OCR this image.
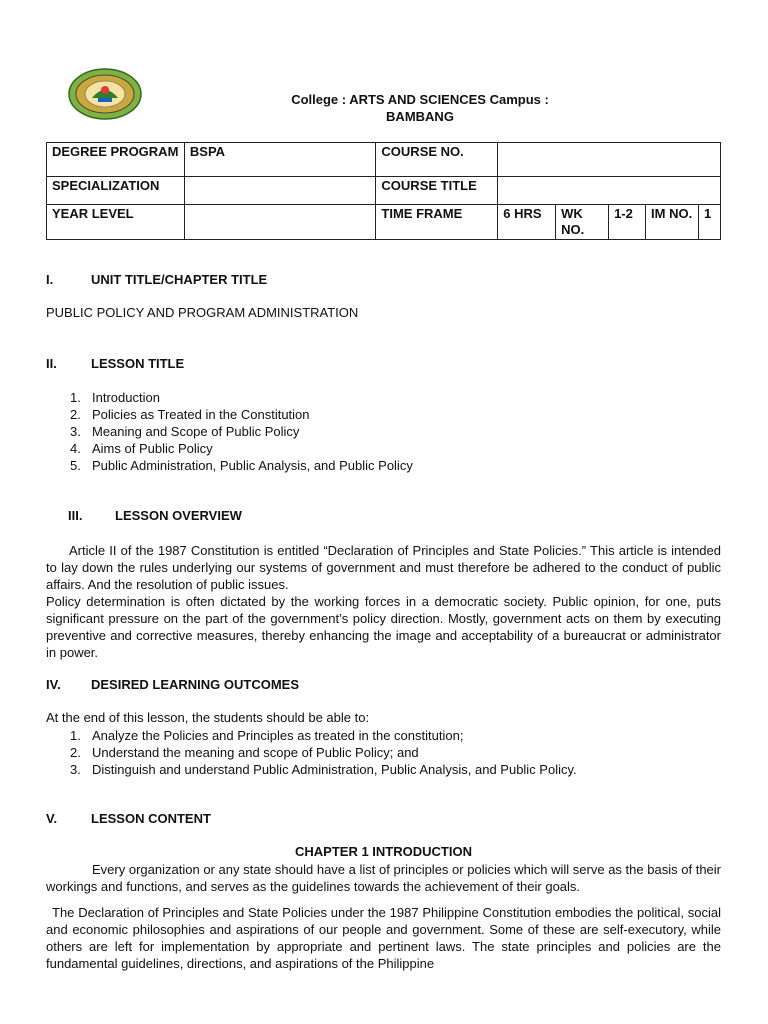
College : ARTS AND SCIENCES Campus :
BAMBANG
DEGREE PROGRAM	BSPA	COURSE NO.					
SPECIALIZATION		COURSE TITLE					
YEAR LEVEL		TIME FRAME	6 HRS	WK NO.	1-2	IM NO.	1
I.	UNIT TITLE/CHAPTER TITLE
PUBLIC POLICY AND PROGRAM ADMINISTRATION
II.	LESSON TITLE
1. Introduction
2. Policies as Treated in the Constitution
3. Meaning and Scope of Public Policy
4. Aims of Public Policy
5. Public Administration, Public Analysis, and Public Policy
III.	LESSON OVERVIEW
Article II of the 1987 Constitution is entitled “Declaration of Principles and State Policies.” This article is intended to lay down the rules underlying our systems of government and must therefore be adhered to the conduct of public affairs. And the resolution of public issues.
Policy determination is often dictated by the working forces in a democratic society. Public opinion, for one, puts significant pressure on the part of the government’s policy direction. Mostly, government acts on them by executing preventive and corrective measures, thereby enhancing the image and acceptability of a bureaucrat or administrator in power.
IV. DESIRED LEARNING OUTCOMES
At the end of this lesson, the students should be able to:
1. Analyze the Policies and Principles as treated in the constitution;
2. Understand the meaning and scope of Public Policy; and
3. Distinguish and understand Public Administration, Public Analysis, and Public Policy.
V.	LESSON CONTENT
CHAPTER 1 INTRODUCTION
Every organization or any state should have a list of principles or policies which will serve as the basis of their workings and functions, and serves as the guidelines towards the achievement of their goals.
The Declaration of Principles and State Policies under the 1987 Philippine Constitution embodies the political, social and economic philosophies and aspirations of our people and government. Some of these are self-executory, while others are left for implementation by appropriate and pertinent laws. The state principles and policies are the fundamental guidelines, directions, and aspirations of the Philippine
